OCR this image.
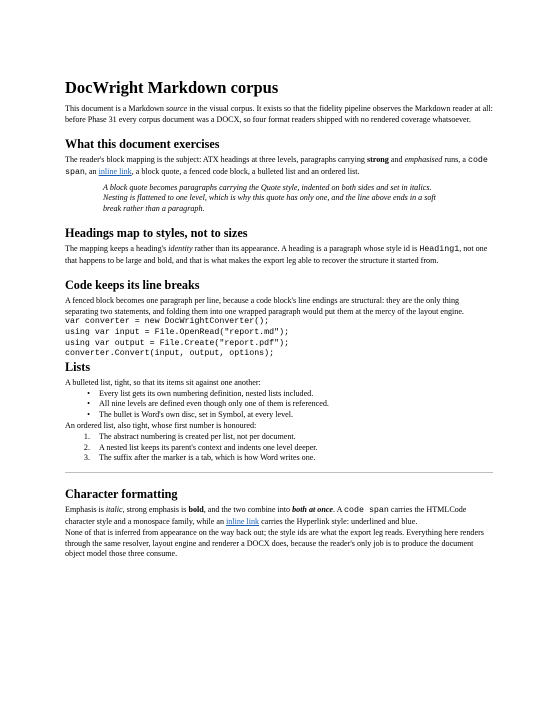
DocWright Markdown corpus

This document is a Markdown source in the visual corpus. It exists so that the fidelity pipeline observes the Markdown reader at all: before Phase 31 every corpus document was a DOCX, so four format readers shipped with no rendered coverage whatsoever.

What this document exercises

The reader's block mapping is the subject: ATX headings at three levels, paragraphs carrying strong and emphasised runs, a code span, an inline link, a block quote, a fenced code block, a bulleted list and an ordered list.

A block quote becomes paragraphs carrying the Quote style, indented on both sides and set in italics. Nesting is flattened to one level, which is why this quote has only one, and the line above ends in a soft break rather than a paragraph.
Headings map to styles, not to sizes

The mapping keeps a heading's identity rather than its appearance. A heading is a paragraph whose style id is Heading1, not one that happens to be large and bold, and that is what makes the export leg able to recover the structure it started from.

Code keeps its line breaks

A fenced block becomes one paragraph per line, because a code block's line endings are structural: they are the only thing separating two statements, and folding them into one wrapped paragraph would put them at the mercy of the layout engine.

var converter = new DocWrightConverter();
using var input = File.OpenRead("report.md");
using var output = File.Create("report.pdf");
converter.Convert(input, output, options);
Lists

A bulleted list, tight, so that its items sit against one another:

•	Every list gets its own numbering definition, nested lists included.
•	All nine levels are defined even though only one of them is referenced.
•	The bullet is Word's own disc, set in Symbol, at every level.

An ordered list, also tight, whose first number is honoured:

1.	The abstract numbering is created per list, not per document.
2.	A nested list keeps its parent's context and indents one level deeper.
3.	The suffix after the marker is a tab, which is how Word writes one.
Character formatting

Emphasis is italic, strong emphasis is bold, and the two combine into both at once. A code span carries the HTMLCode character style and a monospace family, while an inline link carries the Hyperlink style: underlined and blue.

None of that is inferred from appearance on the way back out; the style ids are what the export leg reads. Everything here renders through the same resolver, layout engine and renderer a DOCX does, because the reader's only job is to produce the document object model those three consume.
